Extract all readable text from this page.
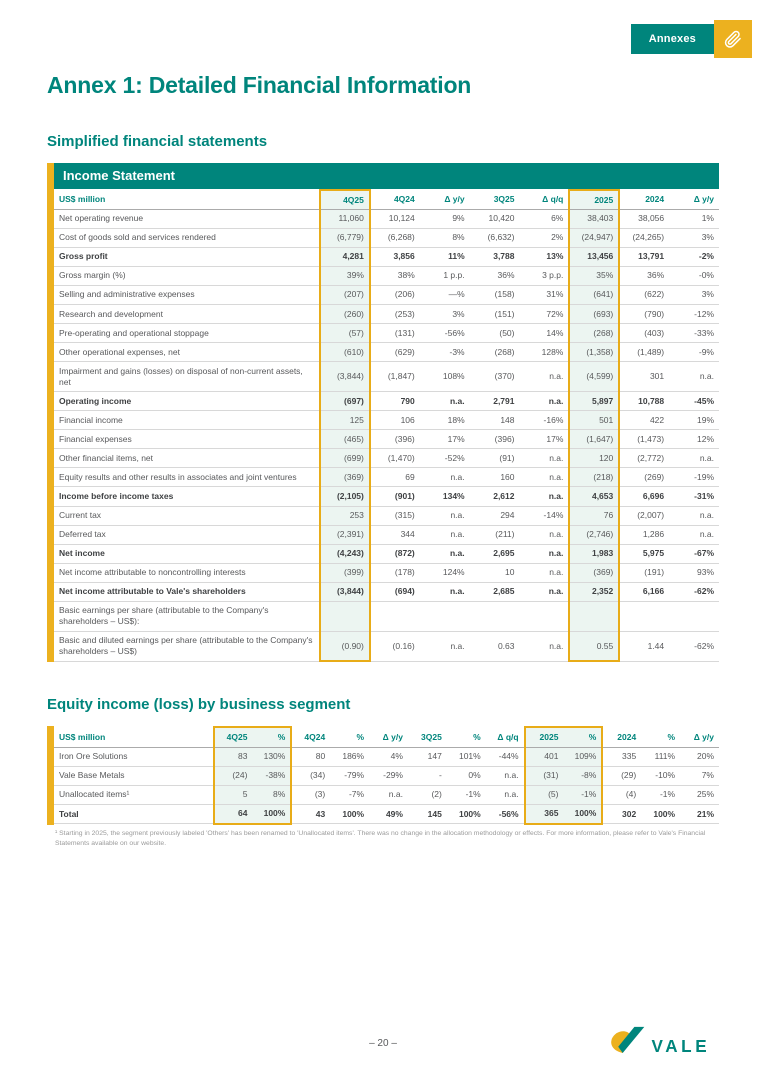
Annexes
Annex 1: Detailed Financial Information
Simplified financial statements
Income Statement
US$ million	4Q25	4Q24	Δ y/y	3Q25	Δ q/q	2025	2024	Δ y/y
Net operating revenue	11,060	10,124	9%	10,420	6%	38,403	38,056	1%
Cost of goods sold and services rendered	(6,779)	(6,268)	8%	(6,632)	2%	(24,947)	(24,265)	3%
Gross profit	4,281	3,856	11%	3,788	13%	13,456	13,791	-2%
Gross margin (%)	39%	38%	1 p.p.	36%	3 p.p.	35%	36%	-0%
Selling and administrative expenses	(207)	(206)	—%	(158)	31%	(641)	(622)	3%
Research and development	(260)	(253)	3%	(151)	72%	(693)	(790)	-12%
Pre-operating and operational stoppage	(57)	(131)	-56%	(50)	14%	(268)	(403)	-33%
Other operational expenses, net	(610)	(629)	-3%	(268)	128%	(1,358)	(1,489)	-9%
Impairment and gains (losses) on disposal of non-current assets, net	(3,844)	(1,847)	108%	(370)	n.a.	(4,599)	301	n.a.
Operating income	(697)	790	n.a.	2,791	n.a.	5,897	10,788	-45%
Financial income	125	106	18%	148	-16%	501	422	19%
Financial expenses	(465)	(396)	17%	(396)	17%	(1,647)	(1,473)	12%
Other financial items, net	(699)	(1,470)	-52%	(91)	n.a.	120	(2,772)	n.a.
Equity results and other results in associates and joint ventures	(369)	69	n.a.	160	n.a.	(218)	(269)	-19%
Income before income taxes	(2,105)	(901)	134%	2,612	n.a.	4,653	6,696	-31%
Current tax	253	(315)	n.a.	294	-14%	76	(2,007)	n.a.
Deferred tax	(2,391)	344	n.a.	(211)	n.a.	(2,746)	1,286	n.a.
Net income	(4,243)	(872)	n.a.	2,695	n.a.	1,983	5,975	-67%
Net income attributable to noncontrolling interests	(399)	(178)	124%	10	n.a.	(369)	(191)	93%
Net income attributable to Vale's shareholders	(3,844)	(694)	n.a.	2,685	n.a.	2,352	6,166	-62%
Basic earnings per share (attributable to the Company's shareholders – US$):								
Basic and diluted earnings per share (attributable to the Company's shareholders – US$)	(0.90)	(0.16)	n.a.	0.63	n.a.	0.55	1.44	-62%
Equity income (loss) by business segment
US$ million	4Q25	%	4Q24	%	Δ y/y	3Q25	%	Δ q/q	2025	%	2024	%	Δ y/y
Iron Ore Solutions	83	130%	80	186%	4%	147	101%	-44%	401	109%	335	111%	20%
Vale Base Metals	(24)	-38%	(34)	-79%	-29%	-	0%	n.a.	(31)	-8%	(29)	-10%	7%
Unallocated items¹	5	8%	(3)	-7%	n.a.	(2)	-1%	n.a.	(5)	-1%	(4)	-1%	25%
Total	64	100%	43	100%	49%	145	100%	-56%	365	100%	302	100%	21%
¹ Starting in 2025, the segment previously labeled 'Others' has been renamed to 'Unallocated items'. There was no change in the allocation methodology or effects. For more information, please refer to Vale's Financial Statements available on our website.
– 20 –	VALE
